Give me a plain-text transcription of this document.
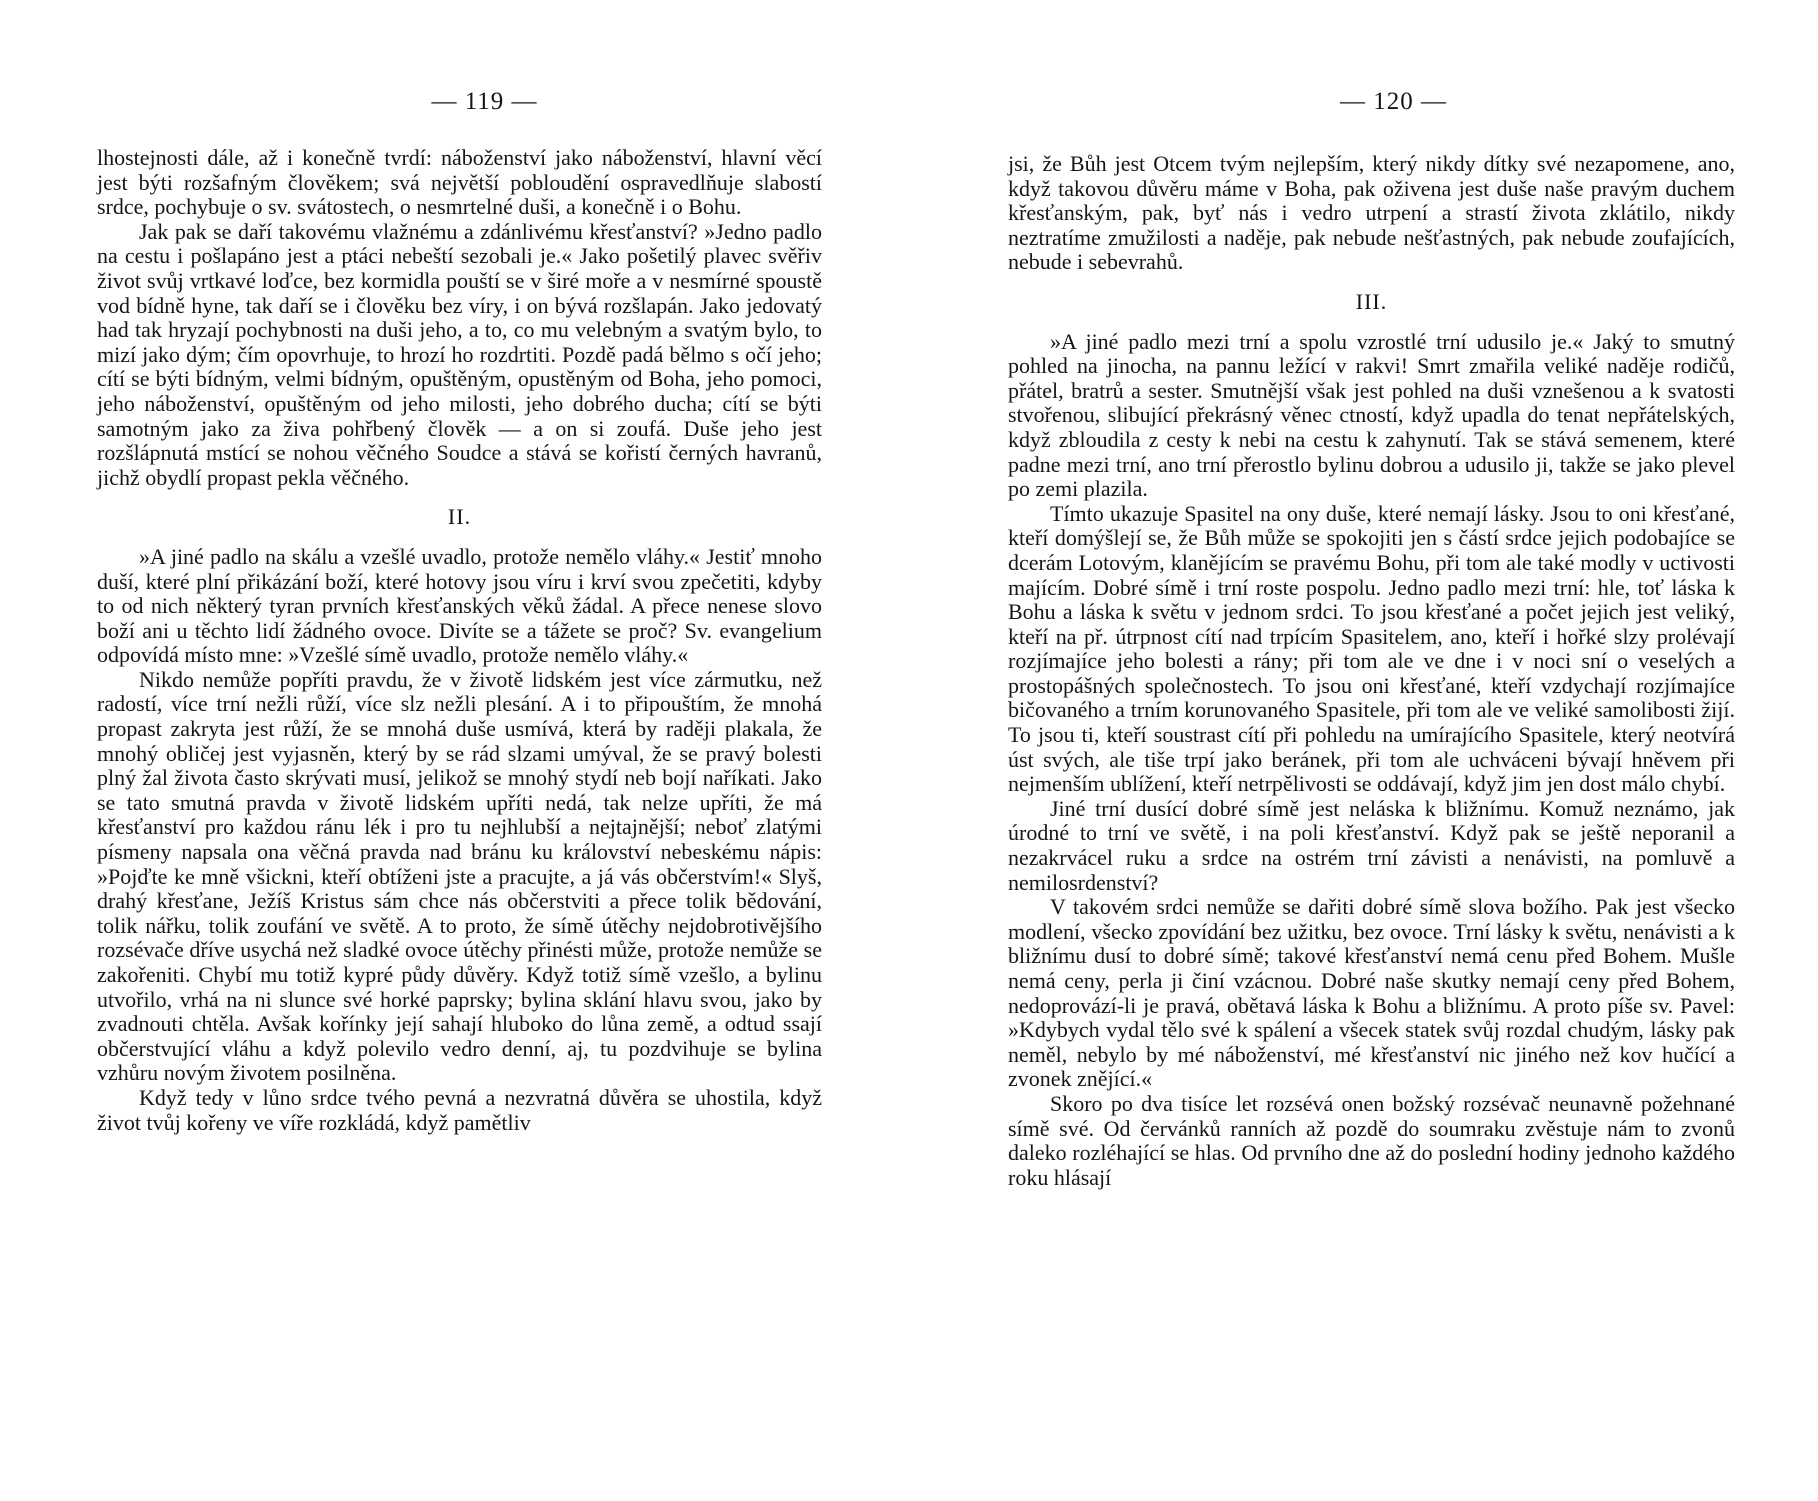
— 119 —

lhostejnosti dále, až i konečně tvrdí: náboženství jako náboženství, hlavní věcí jest býti rozšafným člověkem; svá největší pobloudění ospravedlňuje slabostí srdce, pochybuje o sv. svátostech, o nesmrtelné duši, a konečně i o Bohu.

Jak pak se daří takovému vlažnému a zdánlivému křesťanství? »Jedno padlo na cestu i pošlapáno jest a ptáci nebeští sezobali je.« Jako pošetilý plavec svěřiv život svůj vrtkavé loďce, bez kormidla pouští se v širé moře a v nesmírné spoustě vod bídně hyne, tak daří se i člověku bez víry, i on bývá rozšlapán. Jako jedovatý had tak hryzají pochybnosti na duši jeho, a to, co mu velebným a svatým bylo, to mizí jako dým; čím opovrhuje, to hrozí ho rozdrtiti. Pozdě padá bělmo s očí jeho; cítí se býti bídným, velmi bídným, opuštěným, opustěným od Boha, jeho pomoci, jeho náboženství, opuštěným od jeho milosti, jeho dobrého ducha; cítí se býti samotným jako za živa pohřbený člověk — a on si zoufá. Duše jeho jest rozšlápnutá mstící se nohou věčného Soudce a stává se kořistí černých havranů, jichž obydlí propast pekla věčného.

II.

»A jiné padlo na skálu a vzešlé uvadlo, protože nemělo vláhy.« Jestiť mnoho duší, které plní přikázání boží, které hotovy jsou víru i krví svou zpečetiti, kdyby to od nich některý tyran prvních křesťanských věků žádal. A přece nenese slovo boží ani u těchto lidí žádného ovoce. Divíte se a tážete se proč? Sv. evangelium odpovídá místo mne: »Vzešlé símě uvadlo, protože nemělo vláhy.«

Nikdo nemůže popříti pravdu, že v životě lidském jest více zármutku, než radostí, více trní nežli růží, více slz nežli plesání. A i to připouštím, že mnohá propast zakryta jest růží, že se mnohá duše usmívá, která by raději plakala, že mnohý obličej jest vyjasněn, který by se rád slzami umýval, že se pravý bolesti plný žal života často skrývati musí, jelikož se mnohý stydí neb bojí naříkati. Jako se tato smutná pravda v životě lidském upříti nedá, tak nelze upříti, že má křesťanství pro každou ránu lék i pro tu nejhlubší a nejtajnější; neboť zlatými písmeny napsala ona věčná pravda nad bránu ku království nebeskému nápis: »Pojďte ke mně všickni, kteří obtíženi jste a pracujte, a já vás občerstvím!« Slyš, drahý křesťane, Ježíš Kristus sám chce nás občerstviti a přece tolik bědování, tolik nářku, tolik zoufání ve světě. A to proto, že símě útěchy nejdobrotivějšího rozsévače dříve usychá než sladké ovoce útěchy přinésti může, protože nemůže se zakořeniti. Chybí mu totiž kypré půdy důvěry. Když totiž símě vzešlo, a bylinu utvořilo, vrhá na ni slunce své horké paprsky; bylina sklání hlavu svou, jako by zvadnouti chtěla. Avšak kořínky její sahají hluboko do lůna země, a odtud ssají občerstvující vláhu a když polevilo vedro denní, aj, tu pozdvihuje se bylina vzhůru novým životem posilněna.

Když tedy v lůno srdce tvého pevná a nezvratná důvěra se uhostila, když život tvůj kořeny ve víře rozkládá, když pamětliv

— 120 —

jsi, že Bůh jest Otcem tvým nejlepším, který nikdy dítky své nezapomene, ano, když takovou důvěru máme v Boha, pak oživena jest duše naše pravým duchem křesťanským, pak, byť nás i vedro utrpení a strastí života zklátilo, nikdy neztratíme zmužilosti a naděje, pak nebude nešťastných, pak nebude zoufajících, nebude i sebevrahů.

III.

»A jiné padlo mezi trní a spolu vzrostlé trní udusilo je.« Jaký to smutný pohled na jinocha, na pannu ležící v rakvi! Smrt zmařila veliké naděje rodičů, přátel, bratrů a sester. Smutnější však jest pohled na duši vznešenou a k svatosti stvořenou, slibující překrásný věnec ctností, když upadla do tenat nepřátelských, když zbloudila z cesty k nebi na cestu k zahynutí. Tak se stává semenem, které padne mezi trní, ano trní přerostlo bylinu dobrou a udusilo ji, takže se jako plevel po zemi plazila.

Tímto ukazuje Spasitel na ony duše, které nemají lásky. Jsou to oni křesťané, kteří domýšlejí se, že Bůh může se spokojiti jen s částí srdce jejich podobajíce se dcerám Lotovým, klanějícím se pravému Bohu, při tom ale také modly v uctivosti majícím. Dobré símě i trní roste pospolu. Jedno padlo mezi trní: hle, toť láska k Bohu a láska k světu v jednom srdci. To jsou křesťané a počet jejich jest veliký, kteří na př. útrpnost cítí nad trpícím Spasitelem, ano, kteří i hořké slzy prolévají rozjímajíce jeho bolesti a rány; při tom ale ve dne i v noci sní o veselých a prostopášných společnostech. To jsou oni křesťané, kteří vzdychají rozjímajíce bičovaného a trním korunovaného Spasitele, při tom ale ve veliké samolibosti žijí. To jsou ti, kteří soustrast cítí při pohledu na umírajícího Spasitele, který neotvírá úst svých, ale tiše trpí jako beránek, při tom ale uchváceni bývají hněvem při nejmenším ublížení, kteří netrpělivosti se oddávají, když jim jen dost málo chybí.

Jiné trní dusící dobré símě jest neláska k bližnímu. Komuž neznámo, jak úrodné to trní ve světě, i na poli křesťanství. Když pak se ještě neporanil a nezakrvácel ruku a srdce na ostrém trní závisti a nenávisti, na pomluvě a nemilosrdenství?

V takovém srdci nemůže se dařiti dobré símě slova božího. Pak jest všecko modlení, všecko zpovídání bez užitku, bez ovoce. Trní lásky k světu, nenávisti a k bližnímu dusí to dobré símě; takové křesťanství nemá cenu před Bohem. Mušle nemá ceny, perla ji činí vzácnou. Dobré naše skutky nemají ceny před Bohem, nedoprovází-li je pravá, obětavá láska k Bohu a bližnímu. A proto píše sv. Pavel: »Kdybych vydal tělo své k spálení a všecek statek svůj rozdal chudým, lásky pak neměl, nebylo by mé náboženství, mé křesťanství nic jiného než kov hučící a zvonek znějící.«

Skoro po dva tisíce let rozsévá onen božský rozsévač neunavně požehnané símě své. Od červánků ranních až pozdě do soumraku zvěstuje nám to zvonů daleko rozléhající se hlas. Od prvního dne až do poslední hodiny jednoho každého roku hlásají
